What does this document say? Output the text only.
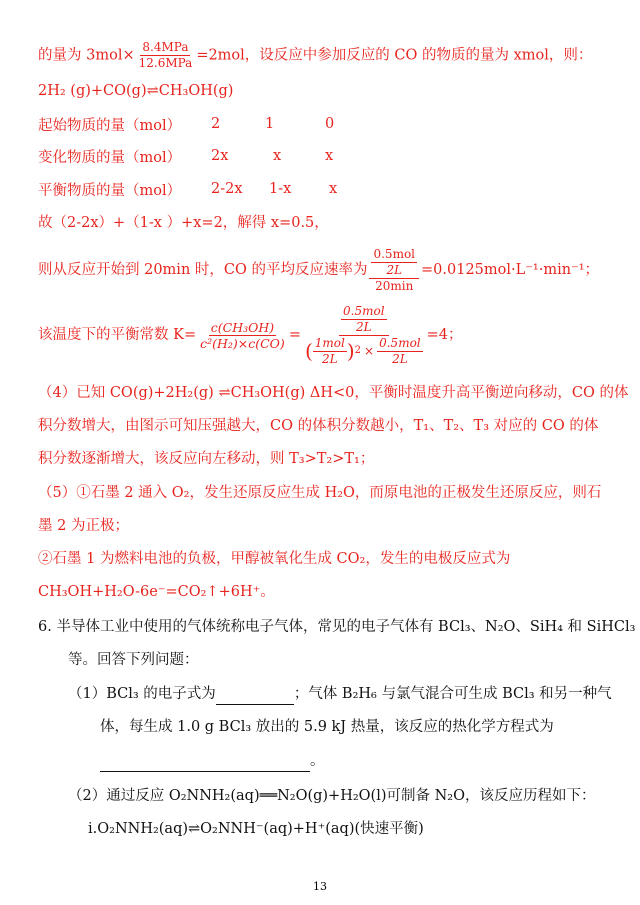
的量为 $3mol\times \frac{\text{8.4MPa}}{\text{12.6MPa}} =2mol$，设反应中参加反应的 CO 的物质的量为 xmol，则：
2H₂ (g)+CO(g)⇌CH₃OH(g)
起始物质的量（mol） 2	1	0
变化物质的量（mol） 2x	x	x
平衡物质的量（mol） 2-2x 1-x	x
故（2-2x）+（1-x ）+x=2，解得 x=0.5，
则从反应开始到 20min 时，CO 的平均反应速率为 $\frac{\frac{\text{0.5mol}}{2L}}{20\min} =0.0125mol\cdot L^{-1}\cdot\min^{-1}$；
该温度下的平衡常数 $K= \frac{\text{c(CH₃OH)}}{\text{c²(H₂)×c(CO)}} = \frac{\frac{\text{0.5mol}}{2L}}{( \frac{\text{1mol}}{2L} ) 2 \times \frac{\text{0.5mol}}{2L}} =4$；
（4）已知 CO(g)+2H₂(g) ⇌CH₃OH(g) ΔH<0，平衡时温度升高平衡逆向移动，CO 的体
积分数增大，由图示可知压强越大，CO 的体积分数越小，T₁、T₂、T₃ 对应的 CO 的体
积分数逐渐增大，该反应向左移动，则 T₃>T₂>T₁；
（5）①石墨 2 通入 O₂，发生还原反应生成 H₂O，而原电池的正极发生还原反应，则石
墨 2 为正极；
②石墨 1 为燃料电池的负极，甲醇被氧化生成 CO₂，发生的电极反应式为
CH₃OH+H₂O-6e⁻=CO₂↑+6H⁺。
6. 半导体工业中使用的气体统称电子气体，常见的电子气体有 BCl₃、N₂O、SiH₄ 和 SiHCl₃
等。回答下列问题：
（1）BCl₃ 的电子式为	；气体 B₂H₆ 与氯气混合可生成 BCl₃ 和另一种气
体，每生成 1.0 g BCl₃ 放出的 5.9 kJ 热量，该反应的热化学方程式为
。
（2）通过反应 O₂NNH₂(aq)══N₂O(g)+H₂O(l)可制备 N₂O，该反应历程如下：
i.O₂NNH₂(aq)⇌O₂NNH⁻(aq)+H⁺(aq)(快速平衡)
13
